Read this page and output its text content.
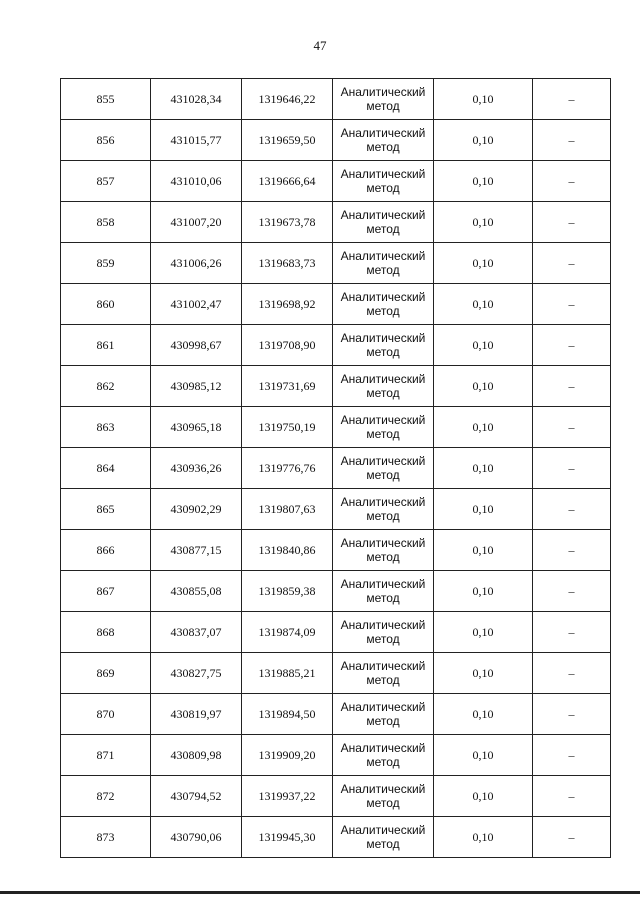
47
855	431028,34	1319646,22	Аналитический
метод	0,10	–
856	431015,77	1319659,50	Аналитический
метод	0,10	–
857	431010,06	1319666,64	Аналитический
метод	0,10	–
858	431007,20	1319673,78	Аналитический
метод	0,10	–
859	431006,26	1319683,73	Аналитический
метод	0,10	–
860	431002,47	1319698,92	Аналитический
метод	0,10	–
861	430998,67	1319708,90	Аналитический
метод	0,10	–
862	430985,12	1319731,69	Аналитический
метод	0,10	–
863	430965,18	1319750,19	Аналитический
метод	0,10	–
864	430936,26	1319776,76	Аналитический
метод	0,10	–
865	430902,29	1319807,63	Аналитический
метод	0,10	–
866	430877,15	1319840,86	Аналитический
метод	0,10	–
867	430855,08	1319859,38	Аналитический
метод	0,10	–
868	430837,07	1319874,09	Аналитический
метод	0,10	–
869	430827,75	1319885,21	Аналитический
метод	0,10	–
870	430819,97	1319894,50	Аналитический
метод	0,10	–
871	430809,98	1319909,20	Аналитический
метод	0,10	–
872	430794,52	1319937,22	Аналитический
метод	0,10	–
873	430790,06	1319945,30	Аналитический
метод	0,10	–
